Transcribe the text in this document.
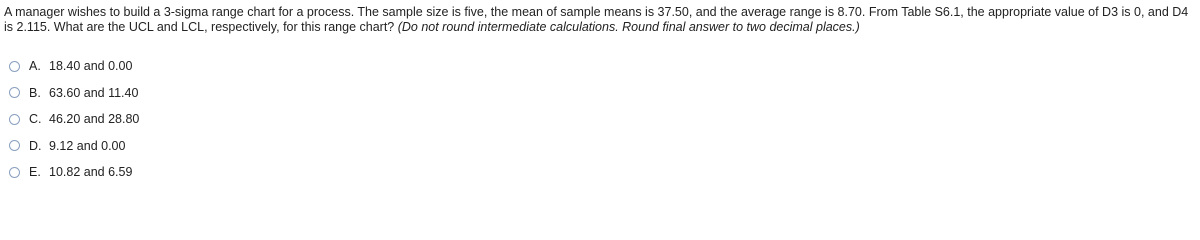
A manager wishes to build a 3-sigma range chart for a process. The sample size is five, the mean of sample means is 37.50, and the average range is 8.70. From Table S6.1, the appropriate value of D3 is 0, and D4 is 2.115. What are the UCL and LCL, respectively, for this range chart? (Do not round intermediate calculations. Round final answer to two decimal places.)
A. 18.40 and 0.00
B. 63.60 and 11.40
C. 46.20 and 28.80
D. 9.12 and 0.00
E. 10.82 and 6.59
